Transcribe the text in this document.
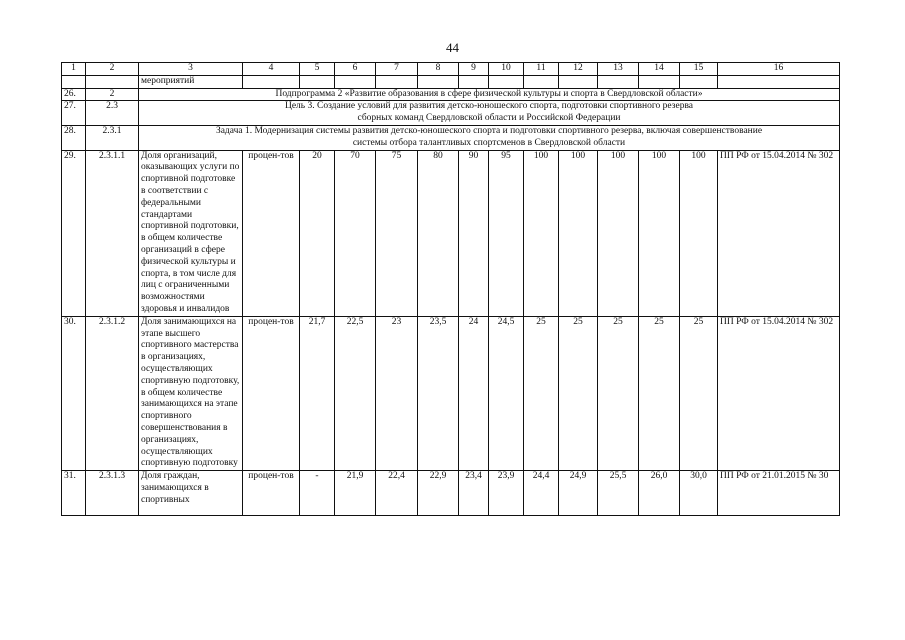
44
1	2	3	4	5	6	7	8	9	10	11	12	13	14	15	16
		мероприятий													
26.	2	Подпрограмма 2 «Развитие образования в сфере физической культуры и спорта в Свердловской области»													
27.	2.3	Цель 3. Создание условий для развития детско-юношеского спорта, подготовки спортивного резерва
сборных команд Свердловской области и Российской Федерации													

28.	2.3.1	Задача 1. Модернизация системы развития детско-юношеского спорта и подготовки спортивного резерва, включая совершенствование
системы отбора талантливых спортсменов в Свердловской области													

29.	2.3.1.1	Доля организаций, оказывающих услуги по спортивной подготовке в соответствии с федеральными стандартами спортивной подготовки, в общем количестве организаций в сфере физической культуры и спорта, в том числе для лиц с ограниченными возможностями здоровья и инвалидов	процен-тов	20	70	75	80	90	95	100	100	100	100	100	ПП РФ от 15.04.2014 № 302
30.	2.3.1.2	Доля занимающихся на этапе высшего спортивного мастерства в организациях, осуществляющих спортивную подготовку, в общем количестве занимающихся на этапе спортивного совершенствования в организациях, осуществляющих спортивную подготовку	процен-тов	21,7	22,5	23	23,5	24	24,5	25	25	25	25	25	ПП РФ от 15.04.2014 № 302
31.	2.3.1.3	Доля граждан, занимающихся в спортивных	процен-тов	-	21,9	22,4	22,9	23,4	23,9	24,4	24,9	25,5	26,0	30,0	ПП РФ от 21.01.2015 № 30
